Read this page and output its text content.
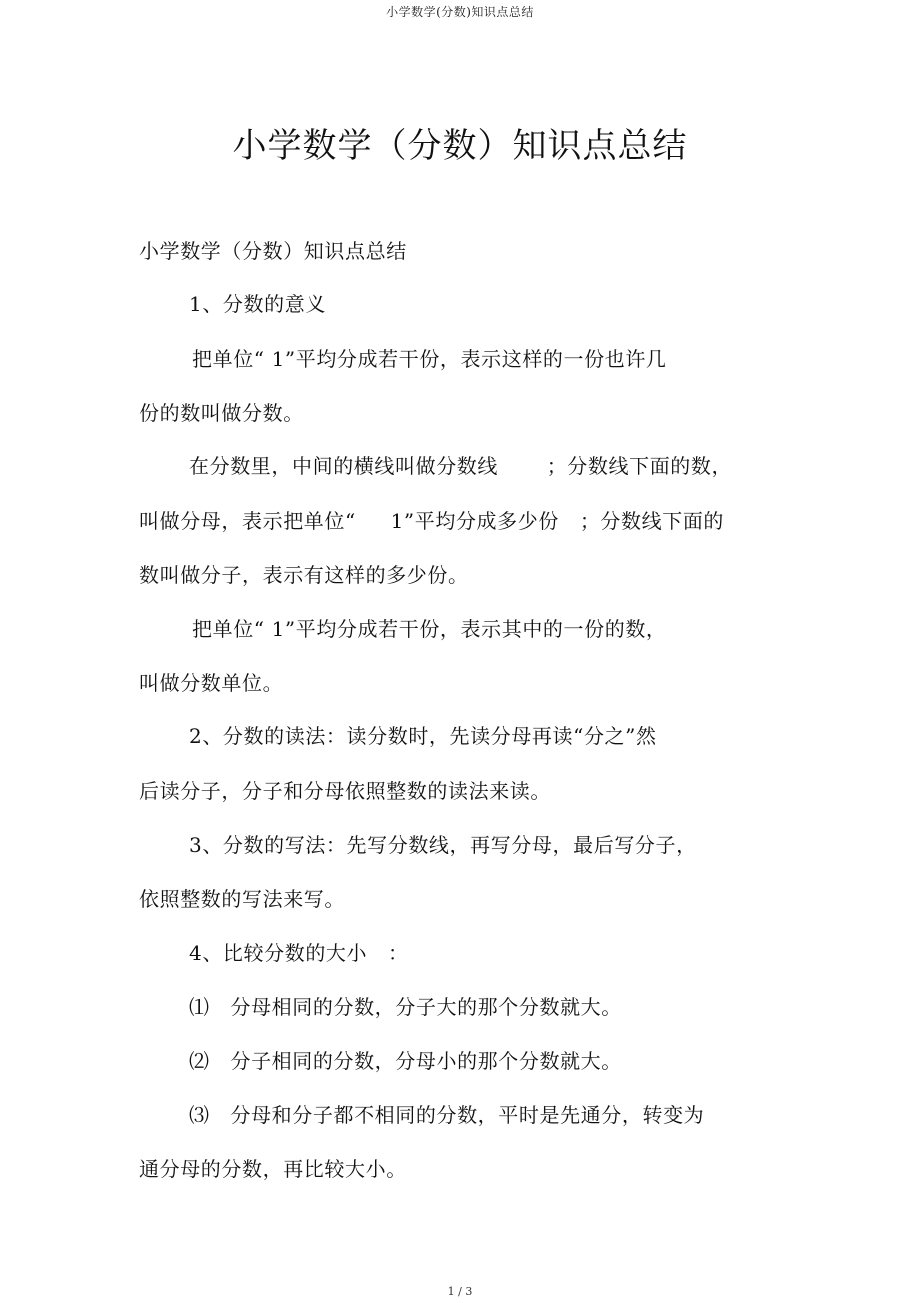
小学数学(分数)知识点总结
小学数学（分数）知识点总结
小学数学（分数）知识点总结
1、分数的意义
把单位“ 1”平均分成若干份，表示这样的一份也许几
份的数叫做分数。
在分数里，中间的横线叫做分数线       ；分数线下面的数，
叫做分母，表示把单位“     1”平均分成多少份   ；分数线下面的
数叫做分子，表示有这样的多少份。
把单位“ 1”平均分成若干份，表示其中的一份的数，
叫做分数单位。
2、分数的读法：读分数时，先读分母再读“分之”然
后读分子，分子和分母依照整数的读法来读。
3、分数的写法：先写分数线，再写分母，最后写分子，
依照整数的写法来写。
4、比较分数的大小   ：
⑴   分母相同的分数，分子大的那个分数就大。
⑵   分子相同的分数，分母小的那个分数就大。
⑶   分母和分子都不相同的分数，平时是先通分，转变为
通分母的分数，再比较大小。
1 / 3
